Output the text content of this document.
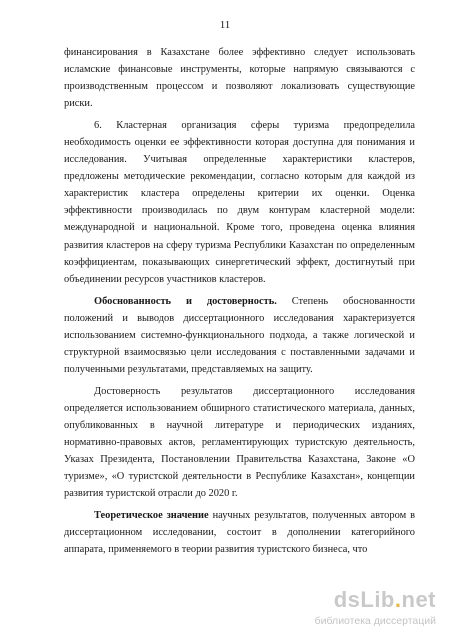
11

финансирования в Казахстане более эффективно следует использовать исламские финансовые инструменты, которые напрямую связываются с производственным процессом и позволяют локализовать существующие риски.

6. Кластерная организация сферы туризма предопределила необходимость оценки ее эффективности которая доступна для понимания и исследования. Учитывая определенные характеристики кластеров, предложены методические рекомендации, согласно которым для каждой из характеристик кластера определены критерии их оценки. Оценка эффективности производилась по двум контурам кластерной модели: международной и национальной. Кроме того, проведена оценка влияния развития кластеров на сферу туризма Республики Казахстан по определенным коэффициентам, показывающих синергетический эффект, достигнутый при объединении ресурсов участников кластеров.

Обоснованность и достоверность. Степень обоснованности положений и выводов диссертационного исследования характеризуется использованием системно-функционального подхода, а также логической и структурной взаимосвязью цели исследования с поставленными задачами и полученными результатами, представляемых на защиту.

Достоверность результатов диссертационного исследования определяется использованием обширного статистического материала, данных, опубликованных в научной литературе и периодических изданиях, нормативно-правовых актов, регламентирующих туристскую деятельность, Указах Президента, Постановлении Правительства Казахстана, Законе «О туризме», «О туристской деятельности в Республике Казахстан», концепции развития туристской отрасли до 2020 г.

Теоретическое значение научных результатов, полученных автором в диссертационном исследовании, состоит в дополнении категорийного аппарата, применяемого в теории развития туристского бизнеса, что

dsLib.net
библиотека диссертаций
